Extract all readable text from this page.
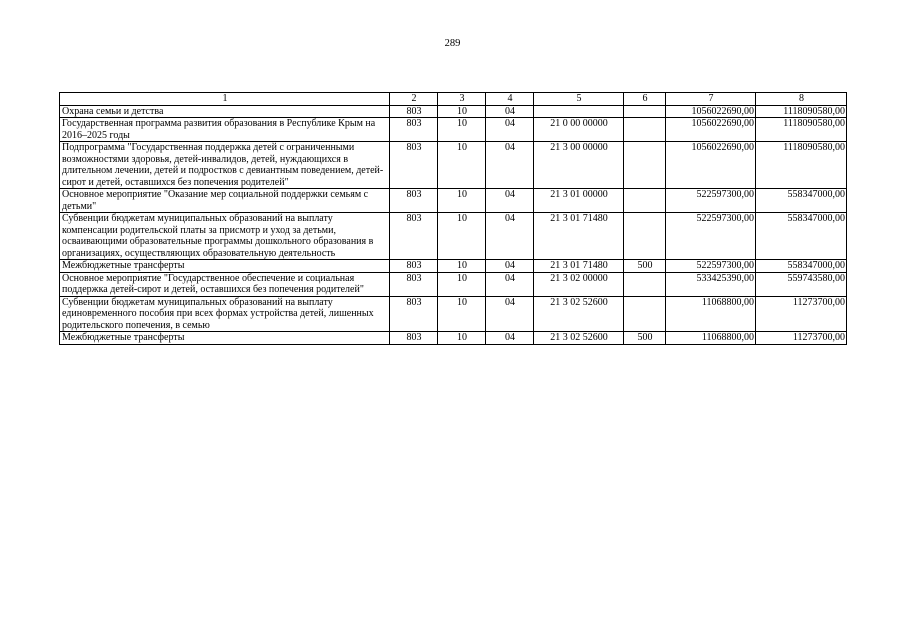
289
1	2	3	4	5	6	7	8
Охрана семьи и детства	803	10	04			1056022690,00	1118090580,00
Государственная программа развития образования в Республике Крым на 2016–2025 годы	803	10	04	21 0 00 00000		1056022690,00	1118090580,00
Подпрограмма "Государственная поддержка детей с ограниченными возможностями здоровья, детей-инвалидов, детей, нуждающихся в длительном лечении, детей и подростков с девиантным поведением, детей-сирот и детей, оставшихся без попечения родителей"	803	10	04	21 3 00 00000		1056022690,00	1118090580,00
Основное мероприятие "Оказание мер социальной поддержки семьям с детьми"	803	10	04	21 3 01 00000		522597300,00	558347000,00
Субвенции бюджетам муниципальных образований на выплату компенсации родительской платы за присмотр и уход за детьми, осваивающими образовательные программы дошкольного образования в организациях, осуществляющих образовательную деятельность	803	10	04	21 3 01 71480		522597300,00	558347000,00
Межбюджетные трансферты	803	10	04	21 3 01 71480	500	522597300,00	558347000,00
Основное мероприятие "Государственное обеспечение и социальная поддержка детей-сирот и детей, оставшихся без попечения родителей"	803	10	04	21 3 02 00000		533425390,00	559743580,00
Субвенции бюджетам муниципальных образований на выплату единовременного пособия при всех формах устройства детей, лишенных родительского попечения, в семью	803	10	04	21 3 02 52600		11068800,00	11273700,00
Межбюджетные трансферты	803	10	04	21 3 02 52600	500	11068800,00	11273700,00
